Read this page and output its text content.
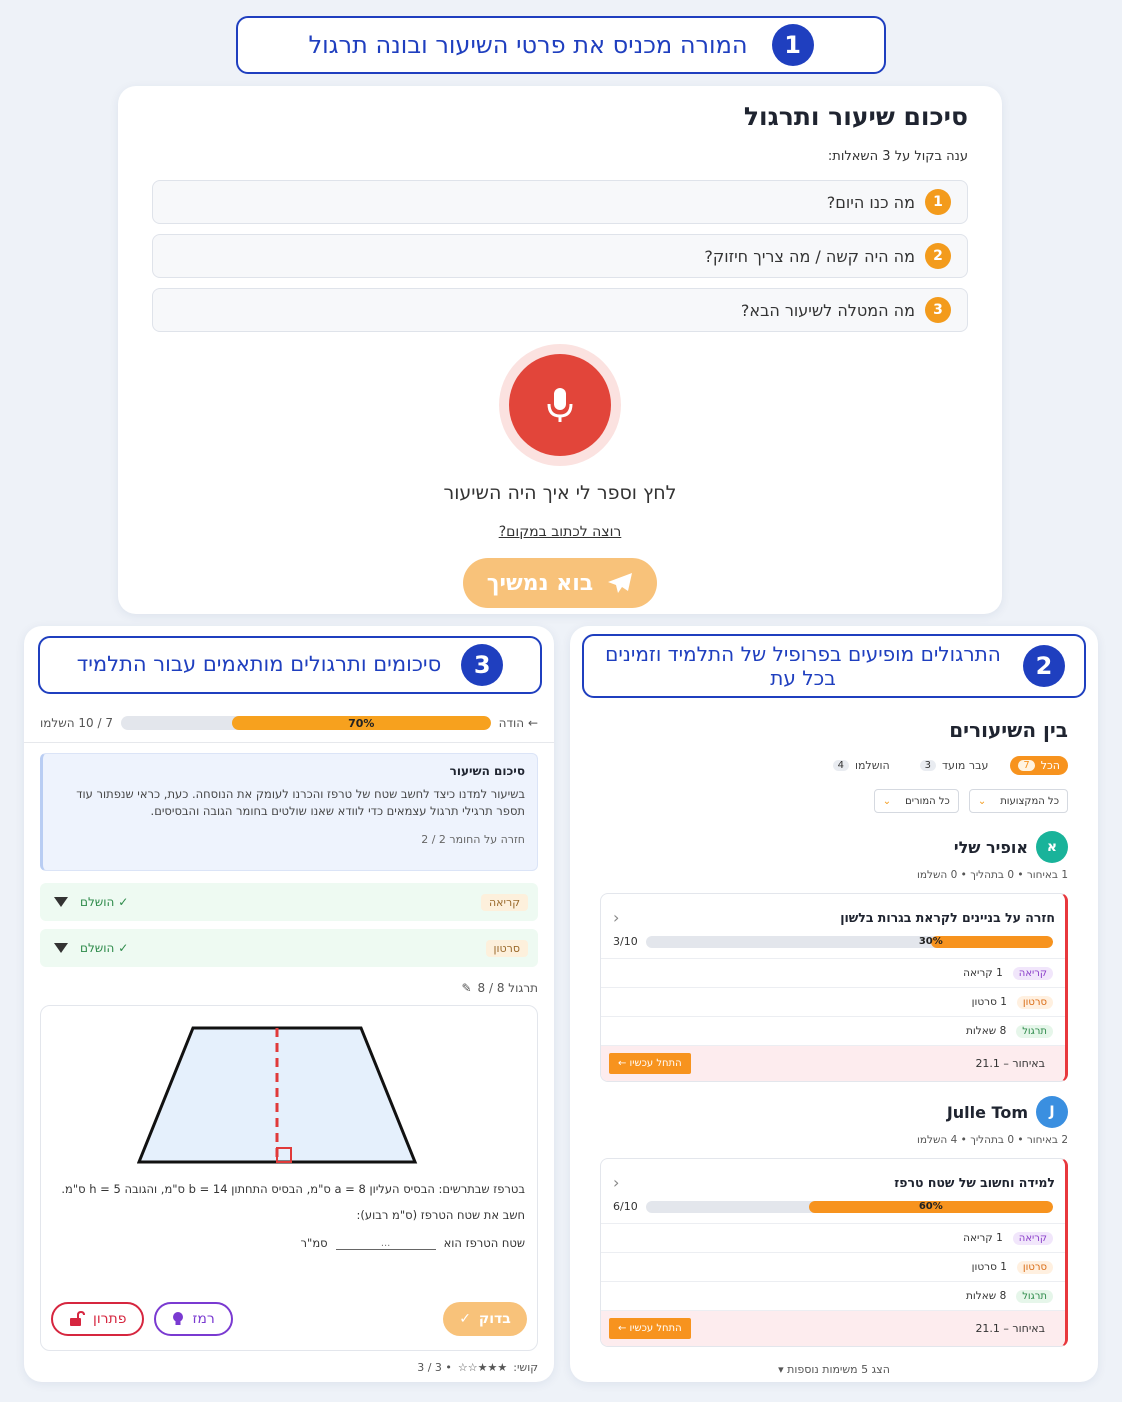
1
המורה מכניס את פרטי השיעור ובונה תרגול
סיכום שיעור ותרגול
ענה בקול על 3 השאלות:
1
מה כנו היום?
2
מה היה קשה / מה צריך חיזוק?
3
מה המטלה לשיעור הבא?
לחץ וספר לי איך היה השיעור
רוצה לכתוב במקום?
בוא נמשיך
3
סיכומים ותרגולים מותאמים עבור התלמיד
← הודה
70%
7 / 10 השלמו
סיכום השיעור
בשיעור למדנו כיצד לחשב שטח של טרפז והכרנו לעומק את הנוסחה. כעת, כראי שנפתור עוד תספר תרגילי תרגול עצמאים כדי לוודא שאנו שולטים בחומר הגובה והבסיסים.
חזרה על החומר 2 / 2
קריאה
✓ הושלם
סרטון
✓ הושלם
תרגול 8 / 8
✎
בטרפז שבתרשים: הבסיס העליון a = 8 ס"מ, הבסיס התחתון b = 14 ס"מ, והגובה h = 5 ס"מ.
חשב את שטח הטרפז (ס"מ רבוע):
שטח הטרפז הוא
...
סמ"ר
בדוק
✓
רמז
פתרון
קושי:
★★★☆☆
• 3 / 3
2
התרגולים מופיעים בפרופיל של התלמיד וזמינים בכל עת
בין השיעורים
הכל
7
עבר מועד
3
הושלמו
4
כל המקצועות
⌄
כל המורים
⌄
א
אופיר שלי
1 באיחור • 0 בתהליך • 0 השלמו
חזרה על בניינים לקראת בגרות בלשון
‹
30%
3/10
קריאה
1 קריאה
סרטון
1 סרטון
תרגול
8 שאלות
באיחור – 21.1
התחל עכשיו ←
J
Julle Tom
2 באיחור • 0 בתהליך • 4 השלמו
למידה וחשוב של שטח טרפז
‹
60%
6/10
קריאה
1 קריאה
סרטון
1 סרטון
תרגול
8 שאלות
באיחור – 21.1
התחל עכשיו ←
הצג 5 משימות נוספות ▾
